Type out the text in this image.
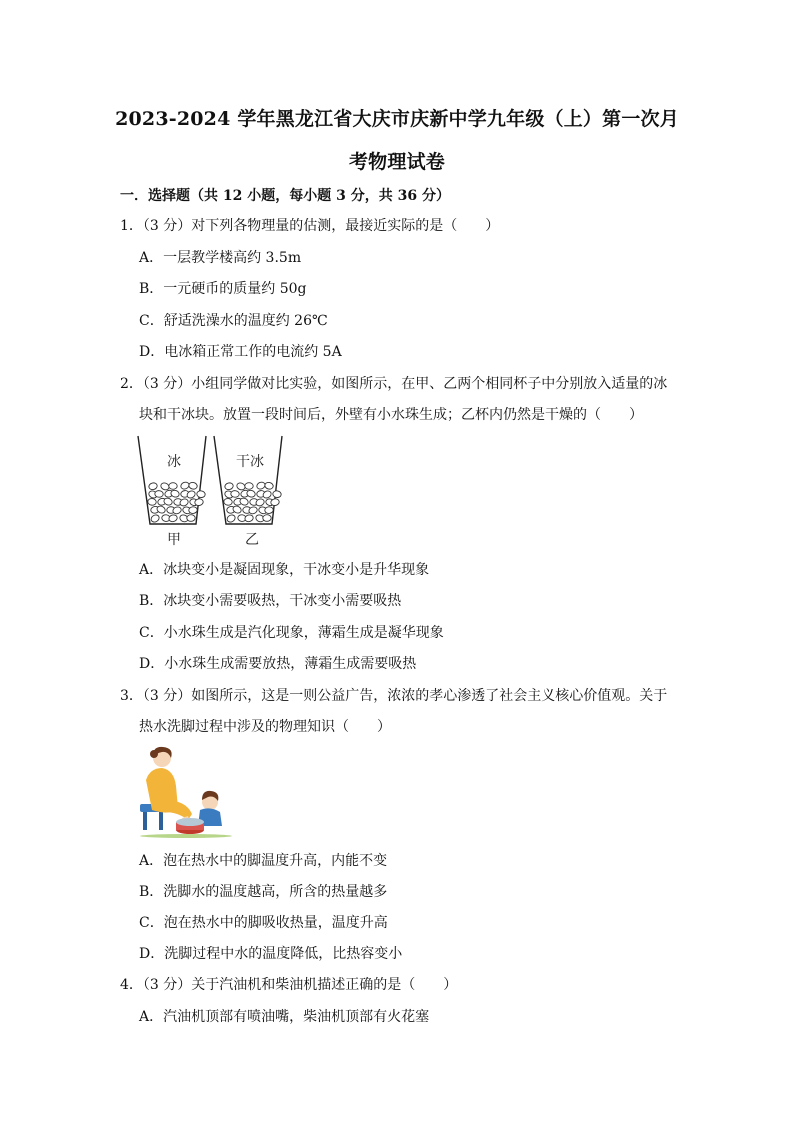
2023-2024 学年黑龙江省大庆市庆新中学九年级（上）第一次月
考物理试卷
一．选择题（共 12 小题，每小题 3 分，共 36 分）
1．（3 分）对下列各物理量的估测，最接近实际的是（　　）
A．一层教学楼高约 3.5m
B．一元硬币的质量约 50g
C．舒适洗澡水的温度约 26℃
D．电冰箱正常工作的电流约 5A
2．（3 分）小组同学做对比实验，如图所示，在甲、乙两个相同杯子中分别放入适量的冰
块和干冰块。放置一段时间后，外壁有小水珠生成；乙杯内仍然是干燥的（　　）
冰	干冰
甲	乙
A．冰块变小是凝固现象，干冰变小是升华现象
B．冰块变小需要吸热，干冰变小需要吸热
C．小水珠生成是汽化现象，薄霜生成是凝华现象
D．小水珠生成需要放热，薄霜生成需要吸热
3．（3 分）如图所示，这是一则公益广告，浓浓的孝心渗透了社会主义核心价值观。关于
热水洗脚过程中涉及的物理知识（　　）
A．泡在热水中的脚温度升高，内能不变
B．洗脚水的温度越高，所含的热量越多
C．泡在热水中的脚吸收热量，温度升高
D．洗脚过程中水的温度降低，比热容变小
4．（3 分）关于汽油机和柴油机描述正确的是（　　）
A．汽油机顶部有喷油嘴，柴油机顶部有火花塞
